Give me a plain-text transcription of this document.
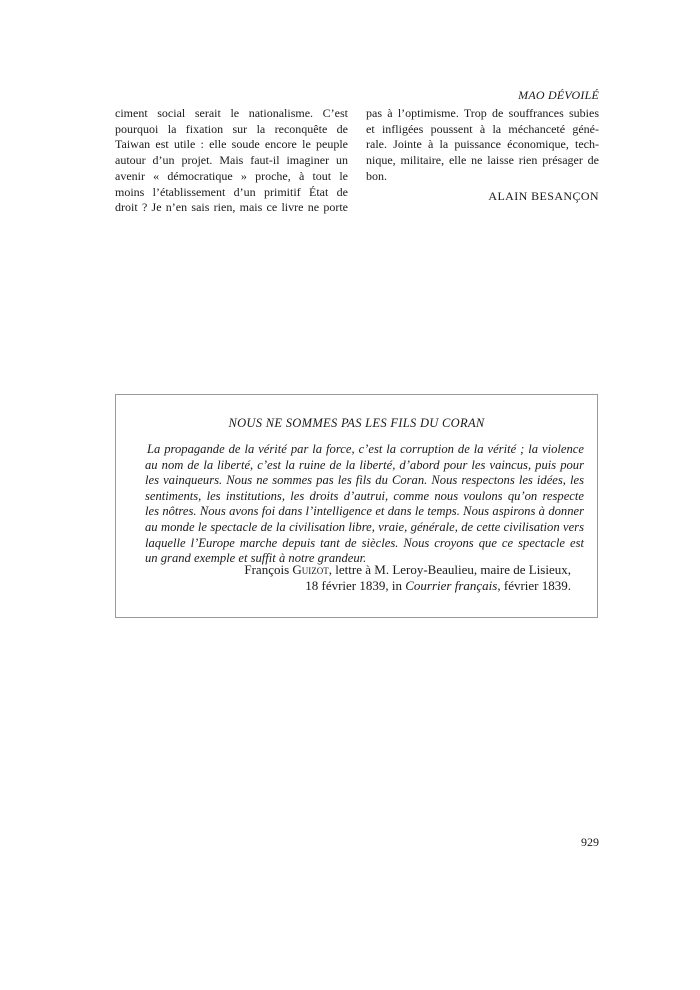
MAO DÉVOILÉ
ciment social serait le nationalisme. C’est
pourquoi la fixation sur la reconquête de
Taiwan est utile : elle soude encore le peuple
autour d’un projet. Mais faut-il imaginer un
avenir « démocratique » proche, à tout le
moins l’établissement d’un primitif État de
droit ? Je n’en sais rien, mais ce livre ne porte
pas à l’optimisme. Trop de souffrances subies
et infligées poussent à la méchanceté géné-
rale. Jointe à la puissance économique, tech-
nique, militaire, elle ne laisse rien présager de
bon.
ALAIN BESANÇON
NOUS NE SOMMES PAS LES FILS DU CORAN
La propagande de la vérité par la force, c’est la corruption de la vérité ; la violence
au nom de la liberté, c’est la ruine de la liberté, d’abord pour les vaincus, puis pour
les vainqueurs. Nous ne sommes pas les fils du Coran. Nous respectons les idées, les
sentiments, les institutions, les droits d’autrui, comme nous voulons qu’on respecte
les nôtres. Nous avons foi dans l’intelligence et dans le temps. Nous aspirons à donner
au monde le spectacle de la civilisation libre, vraie, générale, de cette civilisation vers
laquelle l’Europe marche depuis tant de siècles. Nous croyons que ce spectacle est
un grand exemple et suffit à notre grandeur.
François Guizot, lettre à M. Leroy-Beaulieu, maire de Lisieux,
18 février 1839, in Courrier français, février 1839.
929
